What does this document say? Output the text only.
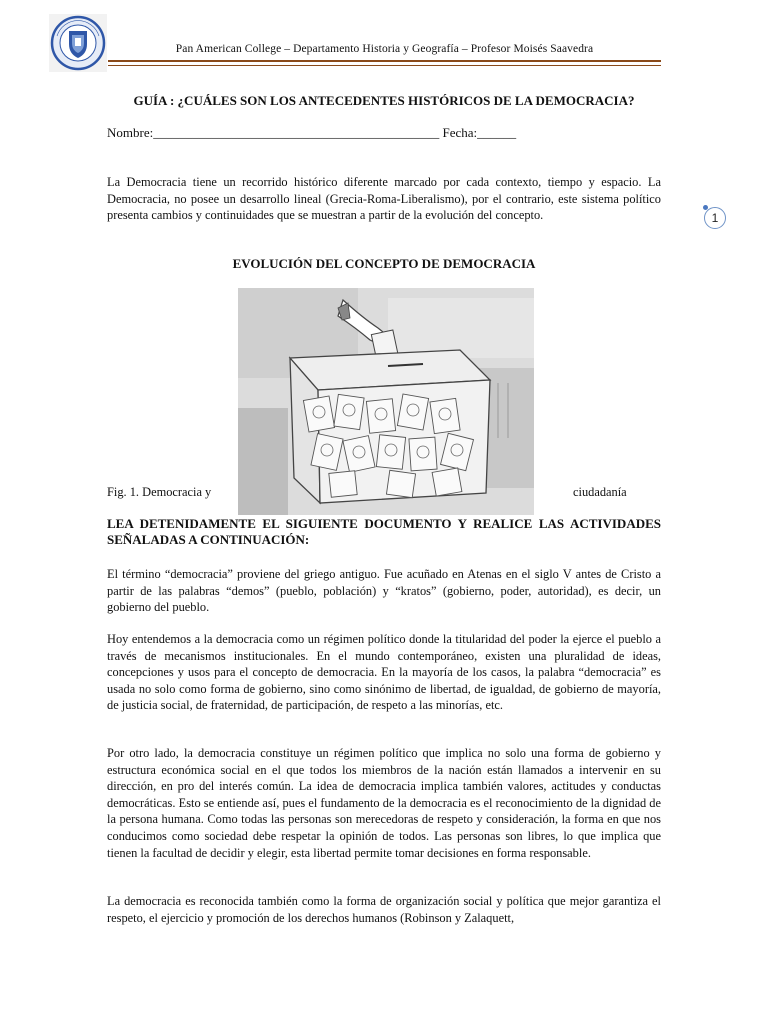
Pan American College – Departamento Historia y Geografía – Profesor Moisés Saavedra
GUÍA : ¿CUÁLES SON LOS ANTECEDENTES HISTÓRICOS DE LA DEMOCRACIA?
Nombre:____________________________________________ Fecha:______
La Democracia tiene un recorrido histórico diferente marcado por cada contexto, tiempo y espacio. La Democracia, no posee un desarrollo lineal (Grecia-Roma-Liberalismo), por el contrario, este sistema político presenta cambios y continuidades que se muestran a partir de la evolución del concepto.
EVOLUCIÓN DEL CONCEPTO DE DEMOCRACIA
Fig. 1. Democracia y	ciudadanía
LEA DETENIDAMENTE EL SIGUIENTE DOCUMENTO Y REALICE LAS ACTIVIDADES SEÑALADAS A CONTINUACIÓN:
El término “democracia” proviene del griego antiguo. Fue acuñado en Atenas en el siglo V antes de Cristo a partir de las palabras “demos” (pueblo, población) y “kratos” (gobierno, poder, autoridad), es decir, un gobierno del pueblo.
Hoy entendemos a la democracia como un régimen político donde la titularidad del poder la ejerce el pueblo a través de mecanismos institucionales. En el mundo contemporáneo, existen una pluralidad de ideas, concepciones y usos para el concepto de democracia. En la mayoría de los casos, la palabra “democracia” es usada no solo como forma de gobierno, sino como sinónimo de libertad, de igualdad, de gobierno de mayoría, de justicia social, de fraternidad, de participación, de respeto a las minorías, etc.
Por otro lado, la democracia constituye un régimen político que implica no solo una forma de gobierno y estructura económica social en el que todos los miembros de la nación están llamados a intervenir en su dirección, en pro del interés común. La idea de democracia implica también valores, actitudes y conductas democráticas. Esto se entiende así, pues el fundamento de la democracia es el reconocimiento de la dignidad de la persona humana. Como todas las personas son merecedoras de respeto y consideración, la forma en que nos conducimos como sociedad debe respetar la opinión de todos. Las personas son libres, lo que implica que tienen la facultad de decidir y elegir, esta libertad permite tomar decisiones en forma responsable.
La democracia es reconocida también como la forma de organización social y política que mejor garantiza el respeto, el ejercicio y promoción de los derechos humanos (Robinson y Zalaquett,
1
